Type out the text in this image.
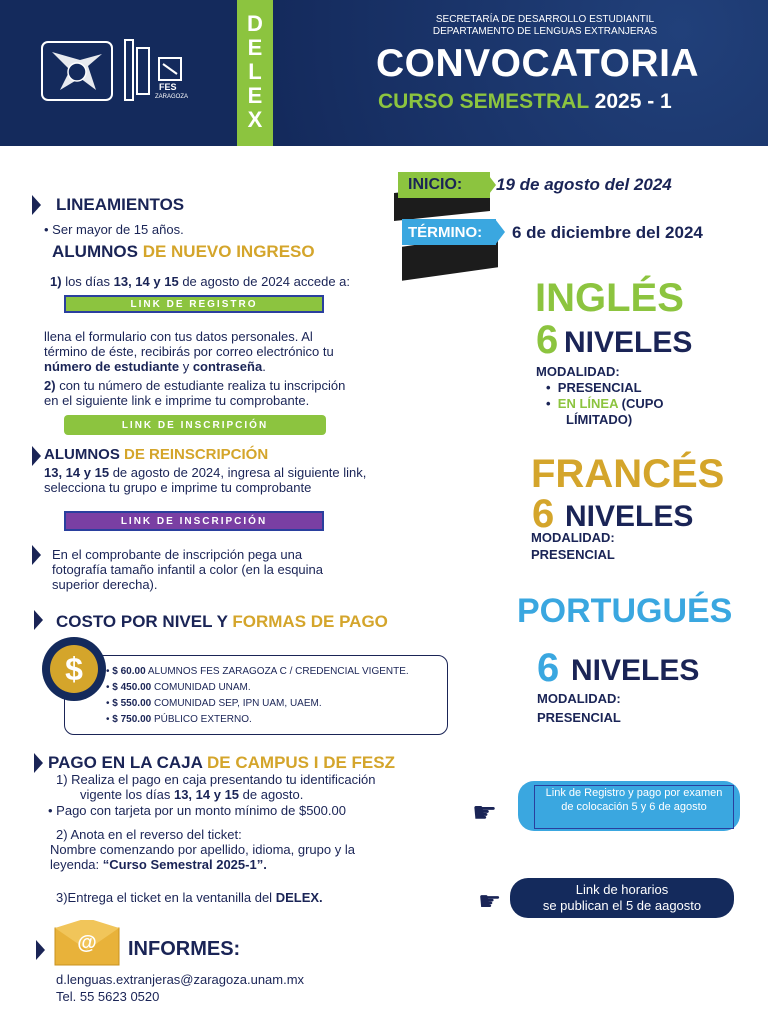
FES
ZARAGOZA
D
E
L
E
X
SECRETARÍA DE DESARROLLO ESTUDIANTIL
DEPARTAMENTO DE LENGUAS EXTRANJERAS
CONVOCATORIA
CURSO SEMESTRAL 2025 - 1
INICIO: 19 de agosto del 2024
TÉRMINO: 6 de diciembre del 2024
LINEAMIENTOS
• Ser mayor de 15 años.
ALUMNOS DE NUEVO INGRESO
1) los días 13, 14 y 15 de agosto de 2024 accede a:
LINK DE REGISTRO
llena el formulario con tus datos personales. Al
término de éste, recibirás por correo electrónico tu
número de estudiante y contraseña.
2) con tu número de estudiante realiza tu inscripción
en el siguiente link e imprime tu comprobante.
LINK DE INSCRIPCIÓN
ALUMNOS DE REINSCRIPCIÓN
13, 14 y 15 de agosto de 2024, ingresa al siguiente link,
selecciona tu grupo e imprime tu comprobante
LINK DE INSCRIPCIÓN
En el comprobante de inscripción pega una
fotografía tamaño infantil a color (en la esquina
superior derecha).
COSTO POR NIVEL Y FORMAS DE PAGO
$	• $ 60.00 ALUMNOS FES ZARAGOZA C / CREDENCIAL VIGENTE.
• $ 450.00 COMUNIDAD UNAM.
• $ 550.00 COMUNIDAD SEP, IPN UAM, UAEM.
• $ 750.00 PÚBLICO EXTERNO.
PAGO EN LA CAJA DE CAMPUS I DE FESZ
1) Realiza el pago en caja presentando tu identificación
vigente los días 13, 14 y 15 de agosto.
• Pago con tarjeta por un monto mínimo de $500.00
2) Anota en el reverso del ticket:
Nombre comenzando por apellido, idioma, grupo y la
leyenda: “Curso Semestral 2025-1”.
3)Entrega el ticket en la ventanilla del DELEX.
@ INFORMES:
d.lenguas.extranjeras@zaragoza.unam.mx
Tel. 55 5623 0520
INGLÉS
6 NIVELES
MODALIDAD:
•  PRESENCIAL
•  EN LÍNEA (CUPO
LÍMITADO)
FRANCÉS
6 NIVELES
MODALIDAD:
PRESENCIAL
PORTUGUÉS
6 NIVELES
MODALIDAD:
PRESENCIAL
☛
Link de Registro y pago por examen de colocación 5 y 6 de agosto
☛	Link de horarios
se publican el 5 de aagosto
